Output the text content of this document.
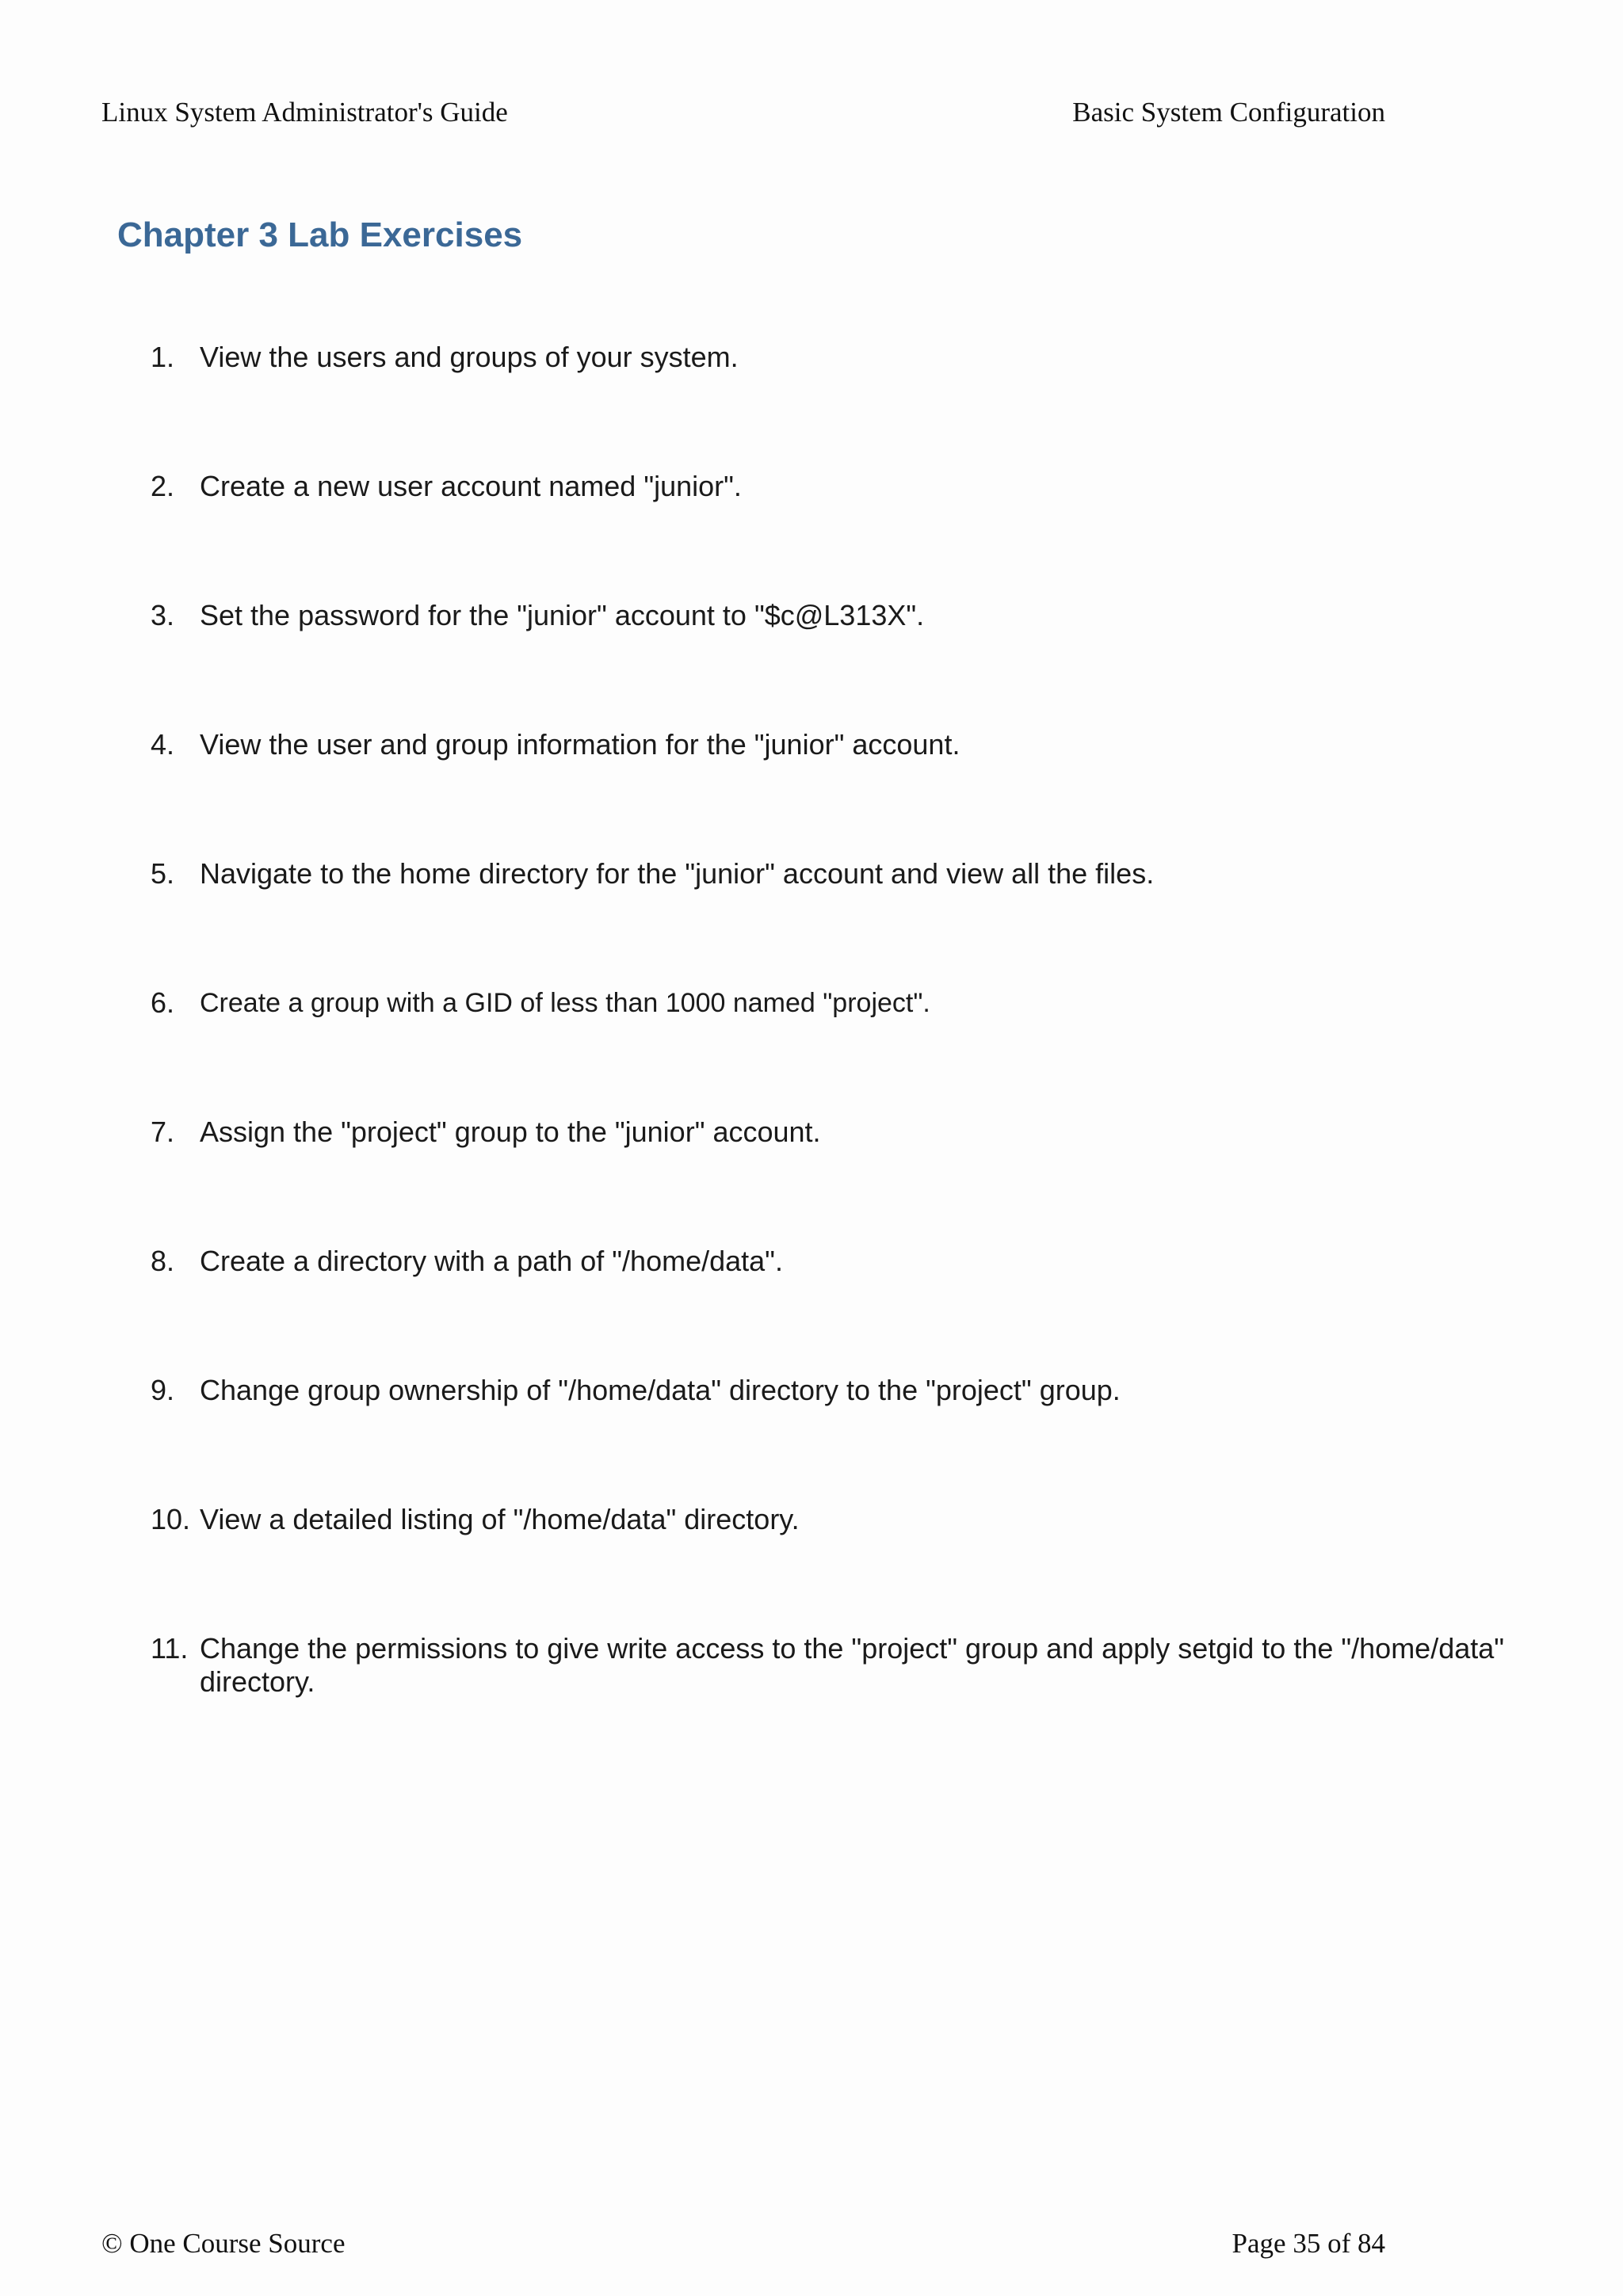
Linux System Administrator's Guide	Basic System Configuration
Chapter 3 Lab Exercises
1. View the users and groups of your system.
2. Create a new user account named "junior".
3. Set the password for the "junior" account to "$c@L313X".
4. View the user and group information for the "junior" account.
5. Navigate to the home directory for the "junior" account and view all the files.
6. Create a group with a GID of less than 1000 named "project".
7. Assign the "project" group to the "junior" account.
8. Create a directory with a path of "/home/data".
9. Change group ownership of "/home/data" directory to the "project" group.
10. View a detailed listing of "/home/data" directory.
11. Change the permissions to give write access to the "project" group and apply setgid to the "/home/data" directory.
© One Course Source	Page 35 of 84
